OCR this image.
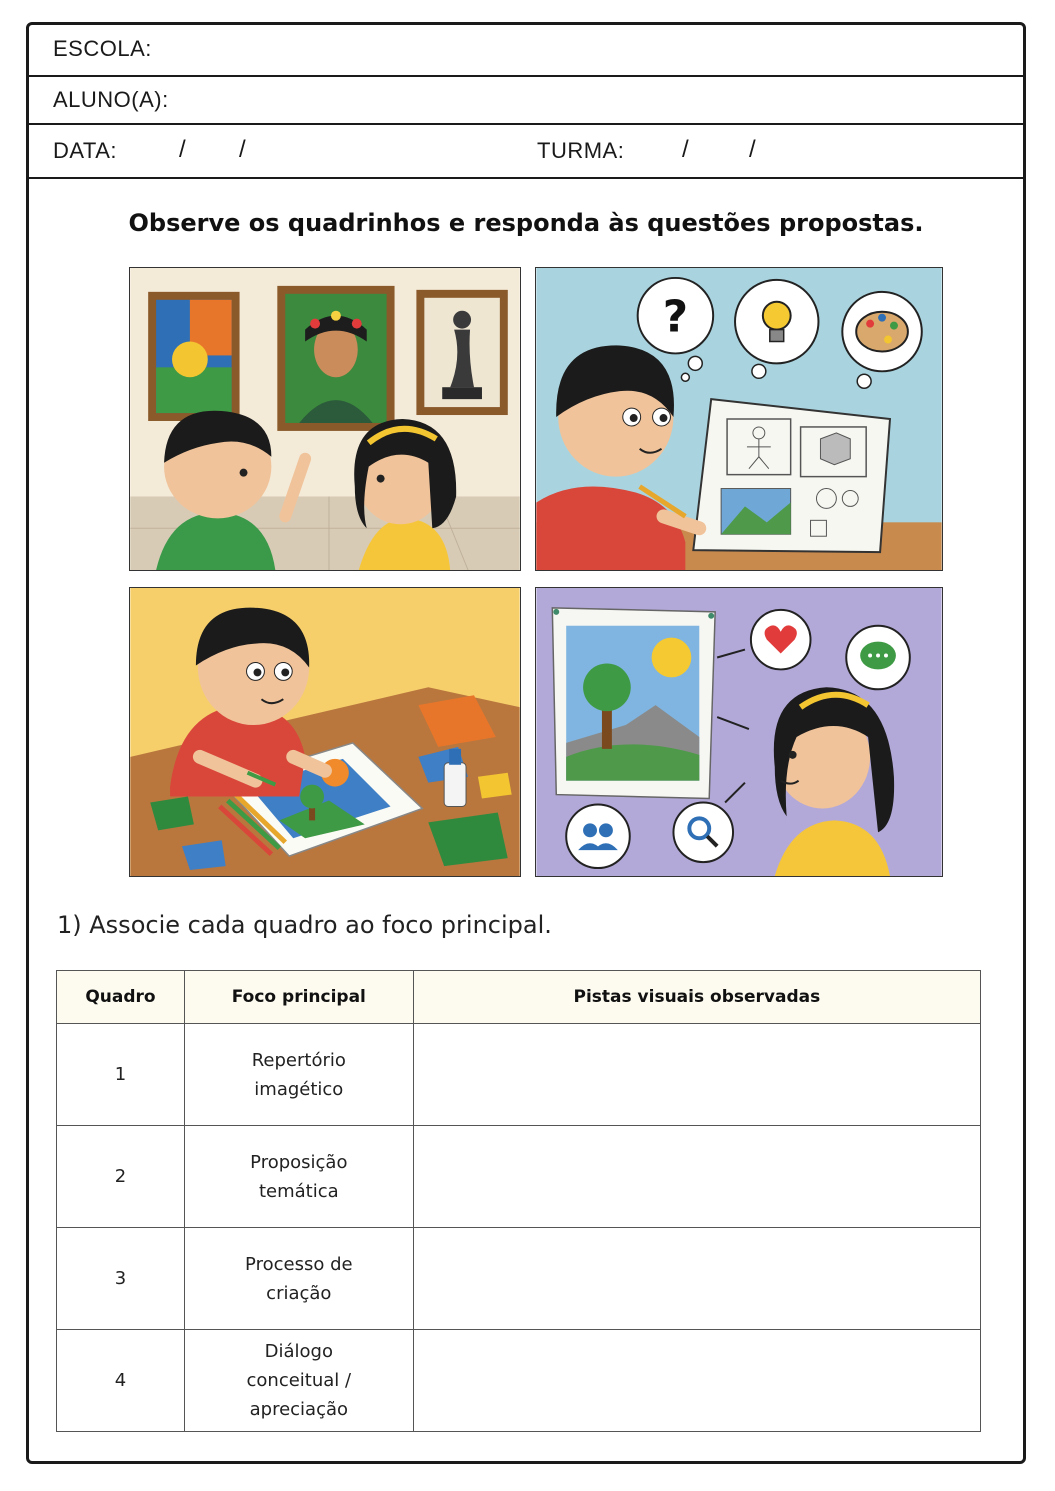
ESCOLA:
ALUNO(A):
DATA:	/ /	TURMA: /	/
Observe os quadrinhos e responda às questões propostas.
?
1) Associe cada quadro ao foco principal.
Quadro	Foco principal	Pistas visuais observadas
1	Repertório imagético	
2	Proposição temática	
3	Processo de criação	
4	Diálogo conceitual / apreciação	
